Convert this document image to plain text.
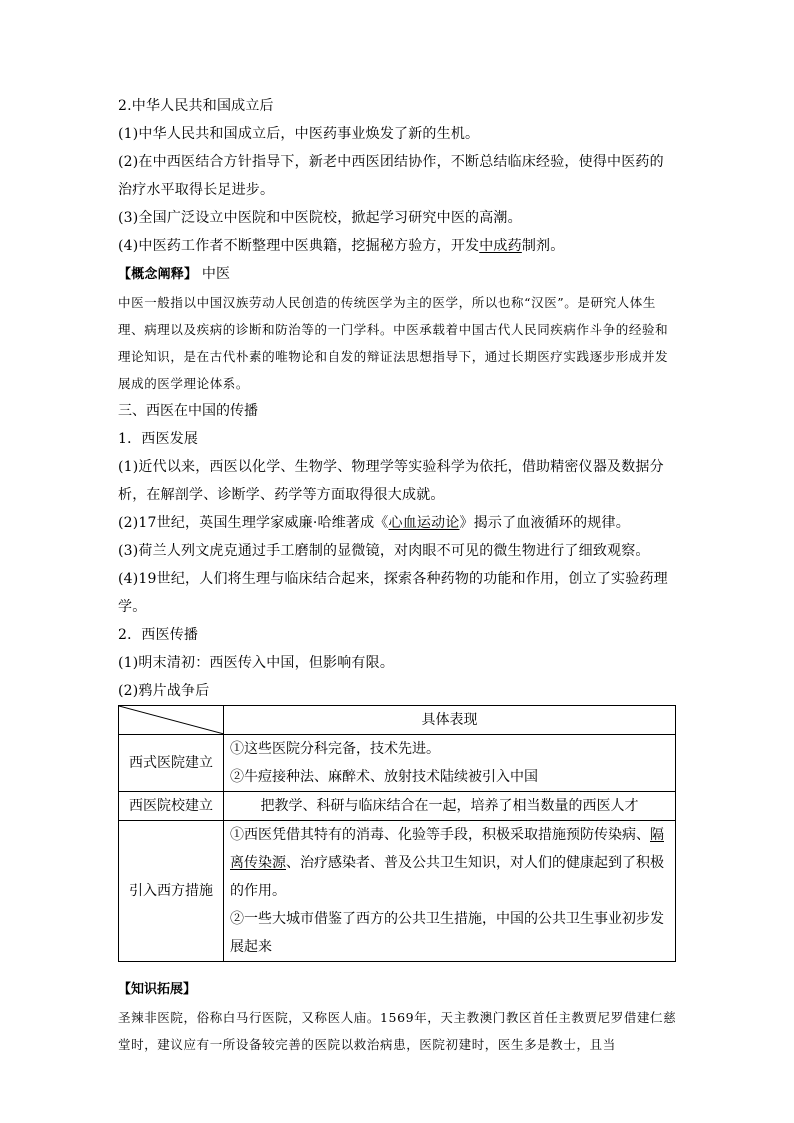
2.中华人民共和国成立后

(1)中华人民共和国成立后，中医药事业焕发了新的生机。

(2)在中西医结合方针指导下，新老中西医团结协作，不断总结临床经验，使得中医药的治疗水平取得长足进步。

(3)全国广泛设立中医院和中医院校，掀起学习研究中医的高潮。

(4)中医药工作者不断整理中医典籍，挖掘秘方验方，开发中成药制剂。

【概念阐释】 中医

中医一般指以中国汉族劳动人民创造的传统医学为主的医学，所以也称“汉医”。是研究人体生理、病理以及疾病的诊断和防治等的一门学科。中医承载着中国古代人民同疾病作斗争的经验和理论知识，是在古代朴素的唯物论和自发的辩证法思想指导下，通过长期医疗实践逐步形成并发展成的医学理论体系。

三、西医在中国的传播

1．西医发展

(1)近代以来，西医以化学、生物学、物理学等实验科学为依托，借助精密仪器及数据分析，在解剖学、诊断学、药学等方面取得很大成就。

(2)17世纪，英国生理学家威廉·哈维著成《心血运动论》揭示了血液循环的规律。

(3)荷兰人列文虎克通过手工磨制的显微镜，对肉眼不可见的微生物进行了细致观察。

(4)19世纪，人们将生理与临床结合起来，探索各种药物的功能和作用，创立了实验药理学。

2．西医传播

(1)明末清初：西医传入中国，但影响有限。

(2)鸦片战争后

	具体表现
西式医院建立	①这些医院分科完备，技术先进。
②牛痘接种法、麻醉术、放射技术陆续被引入中国

西医院校建立	把教学、科研与临床结合在一起，培养了相当数量的西医人才
引入西方措施	①西医凭借其特有的消毒、化验等手段，积极采取措施预防传染病、隔离传染源、治疗感染者、普及公共卫生知识，对人们的健康起到了积极的作用。
②一些大城市借鉴了西方的公共卫生措施，中国的公共卫生事业初步发展起来

【知识拓展】

圣辣非医院，俗称白马行医院，又称医人庙。1569年，天主教澳门教区首任主教贾尼罗借建仁慈堂时，建议应有一所设备较完善的医院以救治病患，医院初建时，医生多是教士，且当
